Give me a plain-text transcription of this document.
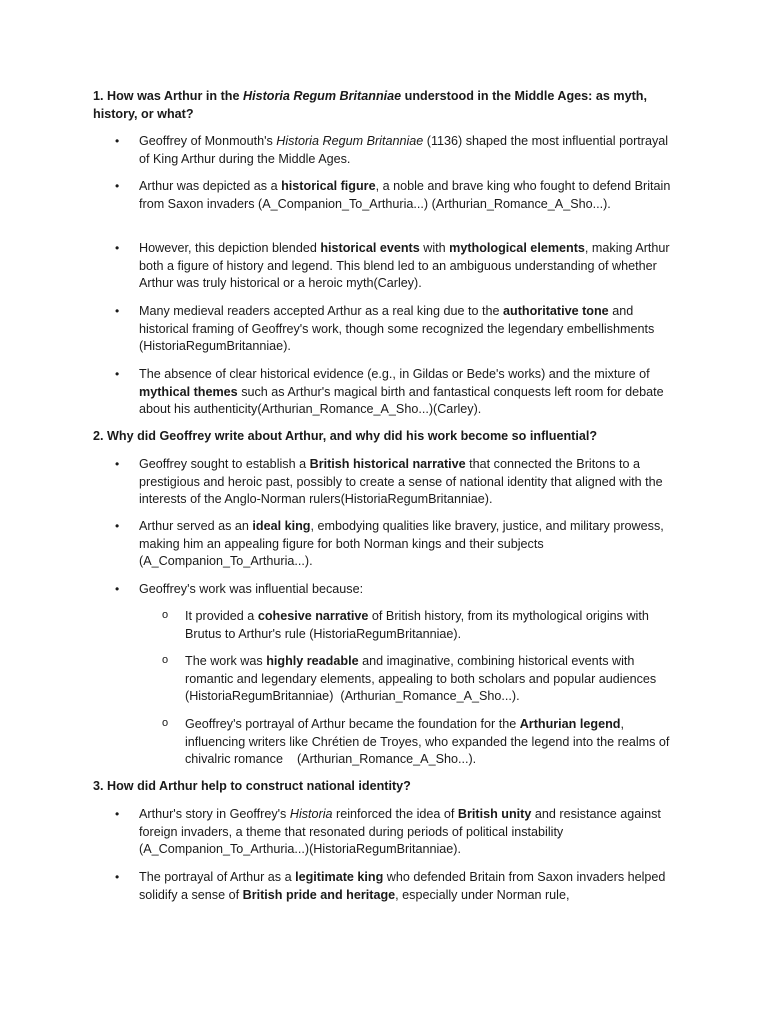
1. How was Arthur in the Historia Regum Britanniae understood in the Middle Ages: as myth, history, or what?
• Geoffrey of Monmouth's Historia Regum Britanniae (1136) shaped the most influential portrayal of King Arthur during the Middle Ages.
• Arthur was depicted as a historical figure, a noble and brave king who fought to defend Britain from Saxon invaders (A_Companion_To_Arthuria...) (Arthurian_Romance_A_Sho...).
• However, this depiction blended historical events with mythological elements, making Arthur both a figure of history and legend. This blend led to an ambiguous understanding of whether Arthur was truly historical or a heroic myth(Carley).
• Many medieval readers accepted Arthur as a real king due to the authoritative tone and historical framing of Geoffrey's work, though some recognized the legendary embellishments (HistoriaRegumBritanniae).
• The absence of clear historical evidence (e.g., in Gildas or Bede's works) and the mixture of mythical themes such as Arthur's magical birth and fantastical conquests left room for debate about his authenticity(Arthurian_Romance_A_Sho...)(Carley).
2. Why did Geoffrey write about Arthur, and why did his work become so influential?
• Geoffrey sought to establish a British historical narrative that connected the Britons to a prestigious and heroic past, possibly to create a sense of national identity that aligned with the interests of the Anglo-Norman rulers(HistoriaRegumBritanniae).
• Arthur served as an ideal king, embodying qualities like bravery, justice, and military prowess, making him an appealing figure for both Norman kings and their subjects (A_Companion_To_Arthuria...).
• Geoffrey's work was influential because:
o It provided a cohesive narrative of British history, from its mythological origins with Brutus to Arthur's rule (HistoriaRegumBritanniae).
o The work was highly readable and imaginative, combining historical events with romantic and legendary elements, appealing to both scholars and popular audiences   (HistoriaRegumBritanniae)  (Arthurian_Romance_A_Sho...).
o Geoffrey's portrayal of Arthur became the foundation for the Arthurian legend, influencing writers like Chrétien de Troyes, who expanded the legend into the realms of chivalric romance    (Arthurian_Romance_A_Sho...).
3. How did Arthur help to construct national identity?
• Arthur's story in Geoffrey's Historia reinforced the idea of British unity and resistance against foreign invaders, a theme that resonated during periods of political instability (A_Companion_To_Arthuria...)(HistoriaRegumBritanniae).
• The portrayal of Arthur as a legitimate king who defended Britain from Saxon invaders helped solidify a sense of British pride and heritage, especially under Norman rule,
